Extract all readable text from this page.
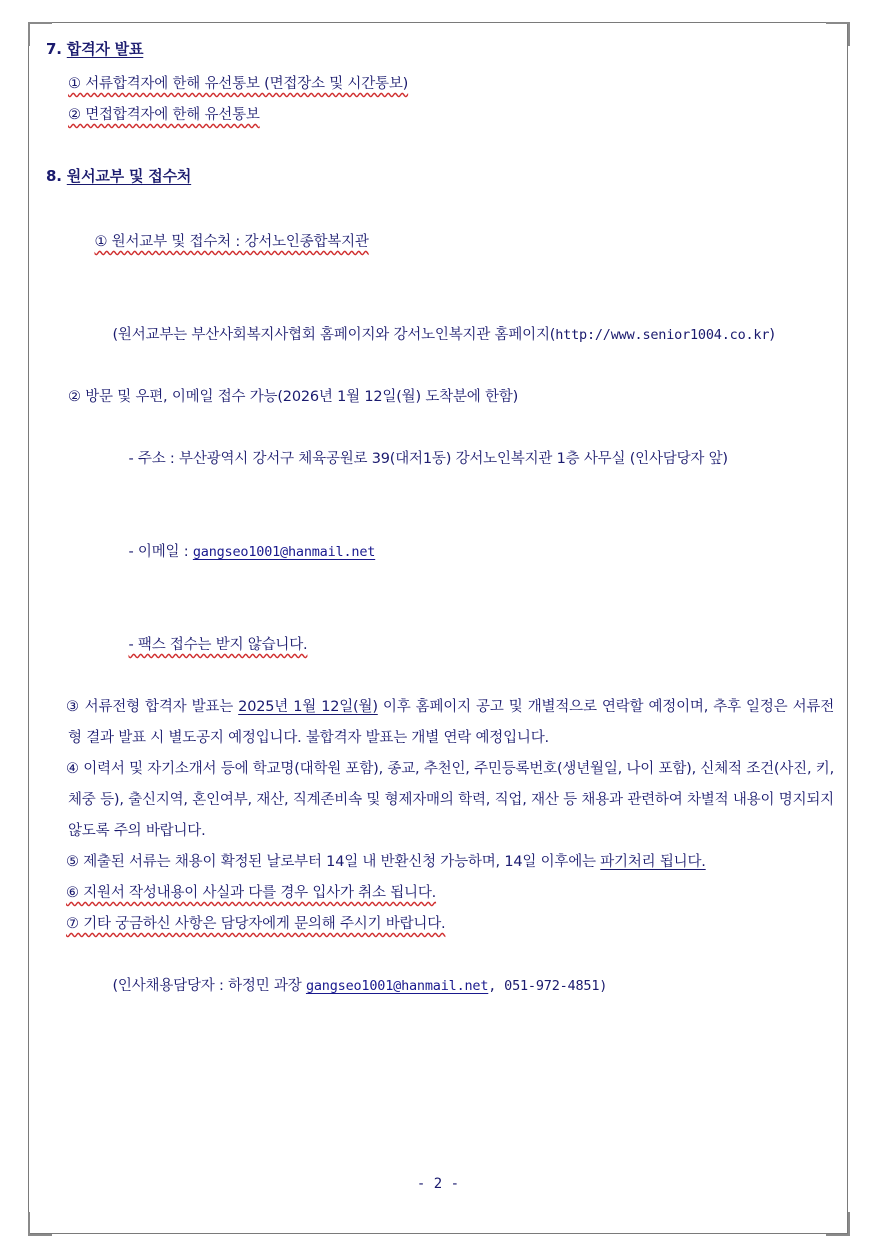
7. 합격자 발표
① 서류합격자에 한해 유선통보 (면접장소 및 시간통보)
② 면접합격자에 한해 유선통보
8. 원서교부 및 접수처

① 원서교부 및 접수처 : 강서노인종합복지관

(원서교부는 부산사회복지사협회 홈페이지와 강서노인복지관 홈페이지(http://www.senior1004.co.kr)

② 방문 및 우편, 이메일 접수 가능(2026년 1월 12일(월) 도착분에 한함)

- 주소 : 부산광역시 강서구 체육공원로 39(대저1동) 강서노인복지관 1층 사무실 (인사담당자 앞)

- 이메일 : gangseo1001@hanmail.net

- 팩스 접수는 받지 않습니다.

③ 서류전형 합격자 발표는 2025년 1월 12일(월) 이후 홈페이지 공고 및 개별적으로 연락할 예정이며, 추후 일정은 서류전형 결과 발표 시 별도공지 예정입니다. 불합격자 발표는 개별 연락 예정입니다.
④ 이력서 및 자기소개서 등에 학교명(대학원 포함), 종교, 추천인, 주민등록번호(생년월일, 나이 포함), 신체적 조건(사진, 키, 체중 등), 출신지역, 혼인여부, 재산, 직계존비속 및 형제자매의 학력, 직업, 재산 등 채용과 관련하여 차별적 내용이 명지되지 않도록 주의 바랍니다.
⑤ 제출된 서류는 채용이 확정된 날로부터 14일 내 반환신청 가능하며, 14일 이후에는 파기처리 됩니다.
⑥ 지원서 작성내용이 사실과 다를 경우 입사가 취소 됩니다.
⑦ 기타 궁금하신 사항은 담당자에게 문의해 주시기 바랍니다.

(인사채용담당자 : 하정민 과장 gangseo1001@hanmail.net, 051-972-4851)

- 2 -
